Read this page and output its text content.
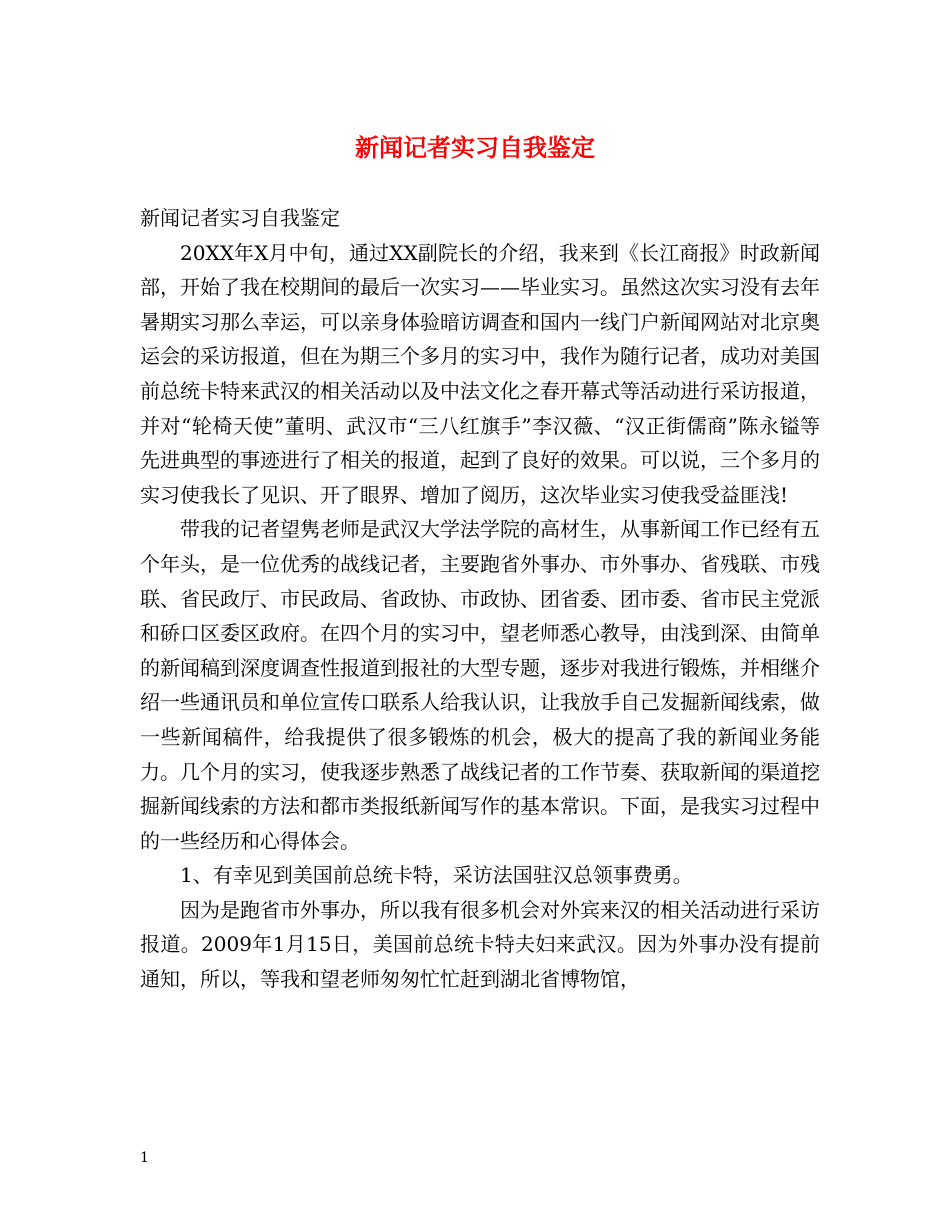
新闻记者实习自我鉴定

新闻记者实习自我鉴定

20XX年X月中旬，通过XX副院长的介绍，我来到《长江商报》时政新闻部，开始了我在校期间的最后一次实习——毕业实习。虽然这次实习没有去年暑期实习那么幸运，可以亲身体验暗访调查和国内一线门户新闻网站对北京奥运会的采访报道，但在为期三个多月的实习中，我作为随行记者，成功对美国前总统卡特来武汉的相关活动以及中法文化之春开幕式等活动进行采访报道，并对“轮椅天使”董明、武汉市“三八红旗手”李汉薇、“汉正街儒商”陈永镒等先进典型的事迹进行了相关的报道，起到了良好的效果。可以说，三个多月的实习使我长了见识、开了眼界、增加了阅历，这次毕业实习使我受益匪浅!

带我的记者望隽老师是武汉大学法学院的高材生，从事新闻工作已经有五个年头，是一位优秀的战线记者，主要跑省外事办、市外事办、省残联、市残联、省民政厅、市民政局、省政协、市政协、团省委、团市委、省市民主党派和硚口区委区政府。在四个月的实习中，望老师悉心教导，由浅到深、由简单的新闻稿到深度调查性报道到报社的大型专题，逐步对我进行锻炼，并相继介绍一些通讯员和单位宣传口联系人给我认识，让我放手自己发掘新闻线索，做一些新闻稿件，给我提供了很多锻炼的机会，极大的提高了我的新闻业务能力。几个月的实习，使我逐步熟悉了战线记者的工作节奏、获取新闻的渠道挖掘新闻线索的方法和都市类报纸新闻写作的基本常识。下面，是我实习过程中的一些经历和心得体会。

1、有幸见到美国前总统卡特，采访法国驻汉总领事费勇。

因为是跑省市外事办，所以我有很多机会对外宾来汉的相关活动进行采访报道。2009年1月15日，美国前总统卡特夫妇来武汉。因为外事办没有提前通知，所以，等我和望老师匆匆忙忙赶到湖北省博物馆，

1
